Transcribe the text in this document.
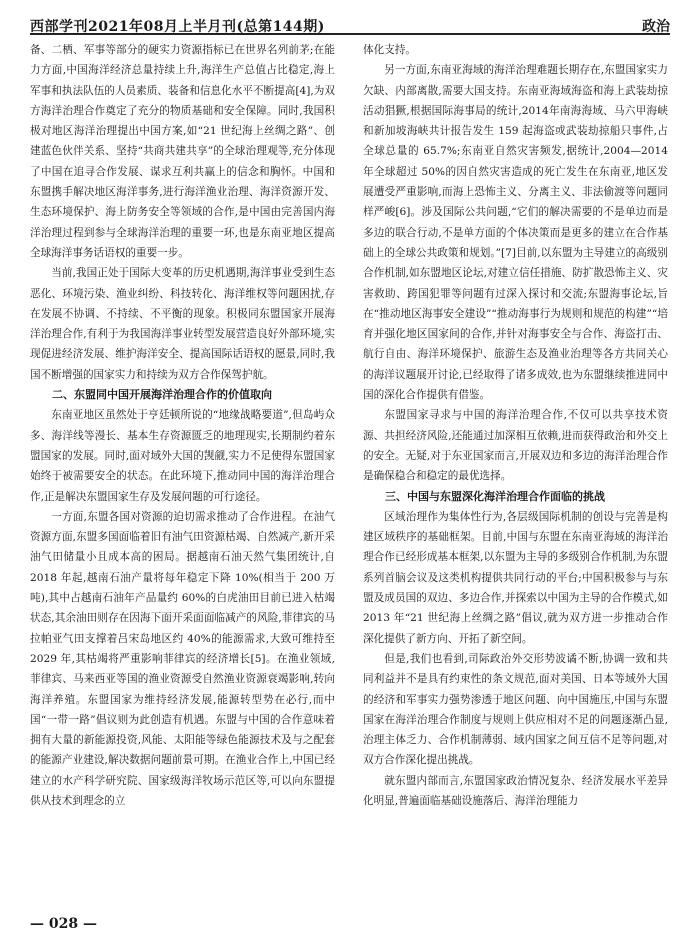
西部学刊2021年08月上半月刊(总第144期)	政治

备、二栖、军事等部分的硬实力资源指标已在世界名列前茅;在能力方面,中国海洋经济总量持续上升,海洋生产总值占比稳定,海上军事和执法队伍的人员素质、装备和信息化水平不断提高[4],为双方海洋治理合作奠定了充分的物质基础和安全保障。同时,我国积极对地区海洋治理提出中国方案,如“21 世纪海上丝绸之路”、创建蓝色伙伴关系、坚持“共商共建共享”的全球治理观等,充分体现了中国在追寻合作发展、谋求互利共赢上的信念和胸怀。中国和东盟携手解决地区海洋事务,进行海洋渔业治理、海洋资源开发、生态环境保护、海上防务安全等领域的合作,是中国由完善国内海洋治理过程到参与全球海洋治理的重要一环,也是东南亚地区提高全球海洋事务话语权的重要一步。

当前,我国正处于国际大变革的历史机遇期,海洋事业受到生态恶化、环境污染、渔业纠纷、科技转化、海洋维权等问题困扰,存在发展不协调、不持续、不平衡的现象。积极同东盟国家开展海洋治理合作,有利于为我国海洋事业转型发展营造良好外部环境,实现促进经济发展、维护海洋安全、提高国际话语权的愿景,同时,我国不断增强的国家实力和持续为双方合作保驾护航。

二、东盟同中国开展海洋治理合作的价值取向

东南亚地区虽然处于亨廷顿所说的“地缘战略要道”,但岛屿众多、海洋线等漫长、基本生存资源匮乏的地理现实,长期制约着东盟国家的发展。同时,面对域外大国的觊觎,实力不足使得东盟国家始终于被需要安全的状态。在此环境下,推动同中国的海洋治理合作,正是解决东盟国家生存及发展问题的可行途径。

一方面,东盟各国对资源的迫切需求推动了合作进程。在油气资源方面,东盟多国面临着旧有油气田资源枯竭、自然减产,新开采油气田储量小且成本高的困局。据越南石油天然气集团统计,自 2018 年起,越南石油产量将每年稳定下降 10%(相当于 200 万吨),其中占越南石油年产品量约 60%的白虎油田目前已进入枯竭状态,其余油田则存在因海下面开采面面临减产的风险,菲律宾的马拉帕亚气田支撑着吕宋岛地区约 40%的能源需求,大致可维持至 2029 年,其枯竭将严重影响菲律宾的经济增长[5]。在渔业领域,菲律宾、马来西亚等国的渔业资源受自然渔业资源衰竭影响,转向海洋养殖。东盟国家为维持经济发展,能源转型势在必行,而中国“一带一路”倡议则为此创造有机遇。东盟与中国的合作意味着拥有大量的新能源投资,风能、太阳能等绿色能源技术及与之配套的能源产业建设,解决数据问题前景可期。在渔业合作上,中国已经建立的水产科学研究院、国家级海洋牧场示范区等,可以向东盟提供从技术到理念的立

体化支持。

另一方面,东南亚海域的海洋治理难题长期存在,东盟国家实力欠缺、内部离散,需要大国支持。东南亚海域海盗和海上武装劫掠活动猖獗,根据国际海事局的统计,2014年南海海域、马六甲海峡和新加坡海峡共计报告发生 159 起海盗或武装劫掠船只事件,占全球总量的 65.7%;东南亚自然灾害频发,据统计,2004—2014 年全球超过 50%的因自然灾害造成的死亡发生在东南亚,地区发展遭受严重影响,而海上恐怖主义、分离主义、非法偷渡等问题同样严峻[6]。涉及国际公共问题,“它们的解决需要的不是单边而是多边的联合行动,不是单方面的个体决策而是更多的建立在合作基础上的全球公共政策和规划。”[7]目前,以东盟为主导建立的高级别合作机制,如东盟地区论坛,对建立信任措施、防扩散恐怖主义、灾害救助、跨国犯罪等问题有过深入探讨和交流;东盟海事论坛,旨在“推动地区海事安全建设”“推动海事行为规则和规范的构建”“培育并强化地区国家间的合作,并针对海事安全与合作、海盗打击、航行自由、海洋环境保护、旅游生态及渔业治理等各方共同关心的海洋议题展开讨论,已经取得了诸多成效,也为东盟继续推进同中国的深化合作提供有借鉴。

东盟国家寻求与中国的海洋治理合作,不仅可以共享技术资源、共担经济风险,还能通过加深相互依赖,进而获得政治和外交上的安全。无疑,对于东亚国家而言,开展双边和多边的海洋治理合作是确保稳合和稳定的最优选择。

三、中国与东盟深化海洋治理合作面临的挑战

区域治理作为集体性行为,各层级国际机制的创设与完善是构建区域秩序的基础框架。目前,中国与东盟在东南亚海域的海洋治理合作已经形成基本框架,以东盟为主导的多级别合作机制,为东盟系列首脑会议及这类机构提供共同行动的平台;中国积极参与与东盟及成员国的双边、多边合作,并探索以中国为主导的合作模式,如 2013 年“21 世纪海上丝绸之路”倡议,就为双方进一步推动合作深化提供了新方向、开拓了新空间。

但是,我们也看到,司际政治外交形势波谲不断,协调一致和共同利益并不是具有约束性的条文规范,面对美国、日本等域外大国的经济和军事实力强势渗透于地区问题、向中国施压,中国与东盟国家在海洋治理合作制度与规则上供应相对不足的问题逐渐凸显,治理主体乏力、合作机制薄弱、域内国家之间互信不足等问题,对双方合作深化提出挑战。

就东盟内部而言,东盟国家政治情况复杂、经济发展水平差异化明显,普遍面临基础设施落后、海洋治理能力

— 028 —
